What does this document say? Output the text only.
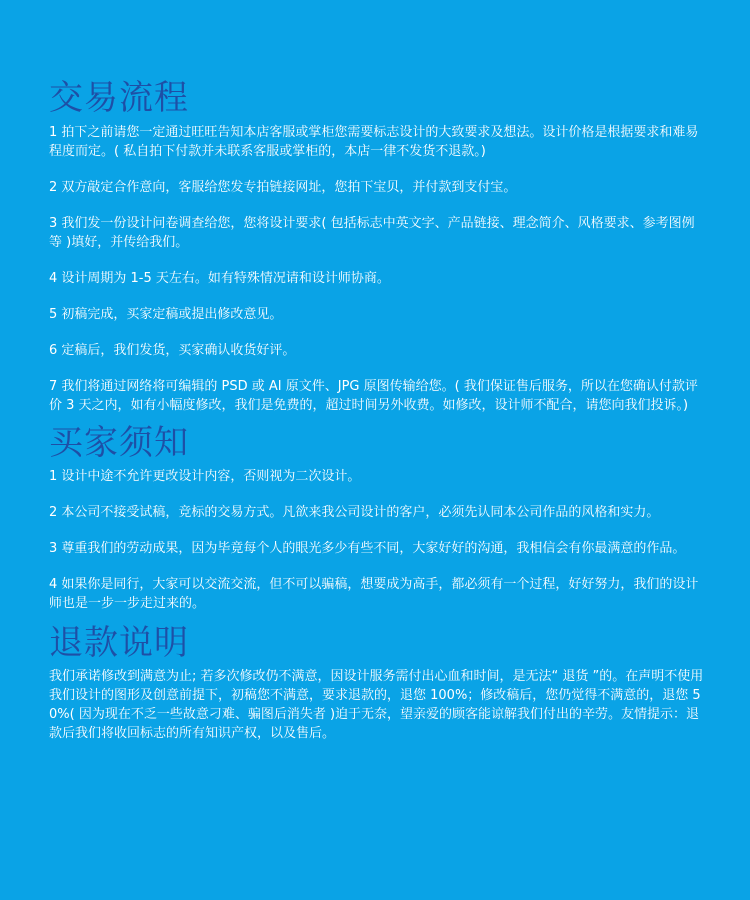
交易流程

1 拍下之前请您一定通过旺旺告知本店客服或掌柜您需要标志设计的大致要求及想法。设计价格是根据要求和难易程度而定。( 私自拍下付款并未联系客服或掌柜的，本店一律不发货不退款。)

2 双方敲定合作意向，客服给您发专拍链接网址，您拍下宝贝，并付款到支付宝。

3 我们发一份设计问卷调查给您，您将设计要求( 包括标志中英文字、产品链接、理念简介、风格要求、参考图例等 )填好，并传给我们。

4 设计周期为 1-5 天左右。如有特殊情况请和设计师协商。

5 初稿完成，买家定稿或提出修改意见。

6 定稿后，我们发货，买家确认收货好评。

7 我们将通过网络将可编辑的 PSD 或 AI 原文件、JPG 原图传输给您。( 我们保证售后服务，所以在您确认付款评价 3 天之内，如有小幅度修改，我们是免费的，超过时间另外收费。如修改，设计师不配合，请您向我们投诉。)

买家须知

1 设计中途不允许更改设计内容，否则视为二次设计。

2 本公司不接受试稿，竞标的交易方式。凡欲来我公司设计的客户，必须先认同本公司作品的风格和实力。

3 尊重我们的劳动成果，因为毕竟每个人的眼光多少有些不同，大家好好的沟通，我相信会有你最满意的作品。

4 如果你是同行，大家可以交流交流，但不可以骗稿，想要成为高手，都必须有一个过程，好好努力，我们的设计师也是一步一步走过来的。

退款说明

我们承诺修改到满意为止; 若多次修改仍不满意，因设计服务需付出心血和时间，是无法“ 退货 ”的。在声明不使用我们设计的图形及创意前提下，初稿您不满意，要求退款的，退您 100%；修改稿后，您仍觉得不满意的，退您 50%( 因为现在不乏一些故意刁难、骗图后消失者 )迫于无奈，望亲爱的顾客能谅解我们付出的辛劳。友情提示：退款后我们将收回标志的所有知识产权，以及售后。
